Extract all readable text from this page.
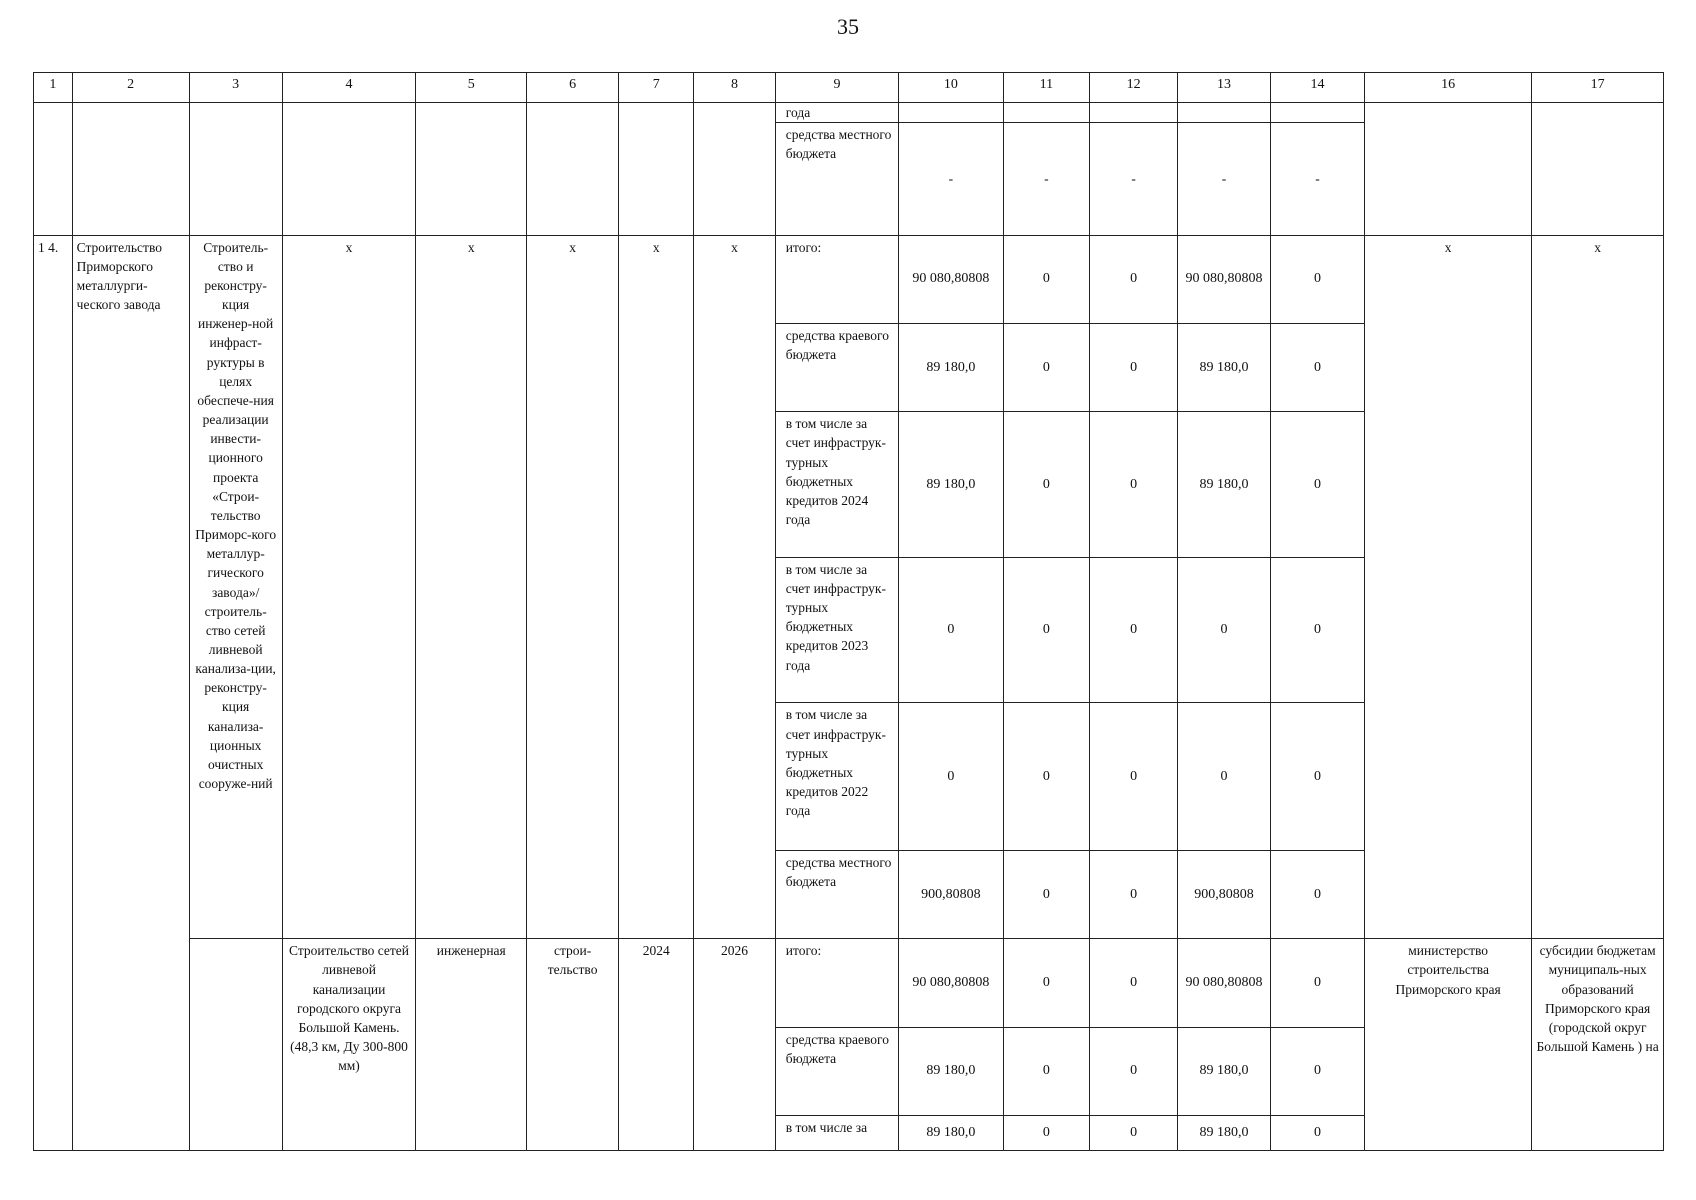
35
1	2	3	4	5	6	7	8	9	10	11	12	13	14	16	17
								года							
								средства местного бюджета	-	-	-	-	-		
1 4.	Строительство Приморского металлурги-ческого завода	Строитель-ство и реконстру-кция инженер-ной инфраст-руктуры в целях обеспече-ния реализации инвести-ционного проекта «Строи-тельство Приморс-кого металлур-гического завода»/ строитель-ство сетей ливневой канализа-ции, реконстру-кция канализа-ционных очистных сооруже-ний	x	x	x	x	x	итого:	90 080,80808	0	0	90 080,80808	0	x	x
								средства краевого бюджета	89 180,0	0	0	89 180,0	0		
								в том числе за счет инфраструк-турных бюджетных кредитов 2024 года	89 180,0	0	0	89 180,0	0		
								в том числе за счет инфраструк-турных бюджетных кредитов 2023 года	0	0	0	0	0		
								в том числе за счет инфраструк-турных бюджетных кредитов 2022 года	0	0	0	0	0		
								средства местного бюджета	900,80808	0	0	900,80808	0		
			Строительство сетей ливневой канализации городского округа Большой Камень. (48,3 км, Ду 300-800 мм)	инженерная	строи-тельство	2024	2026	итого:	90 080,80808	0	0	90 080,80808	0	министерство строительства Приморского края	субсидии бюджетам муниципаль-ных образований Приморского края (городской округ Большой Камень ) на
								средства краевого бюджета	89 180,0	0	0	89 180,0	0		
								в том числе за	89 180,0	0	0	89 180,0	0		
